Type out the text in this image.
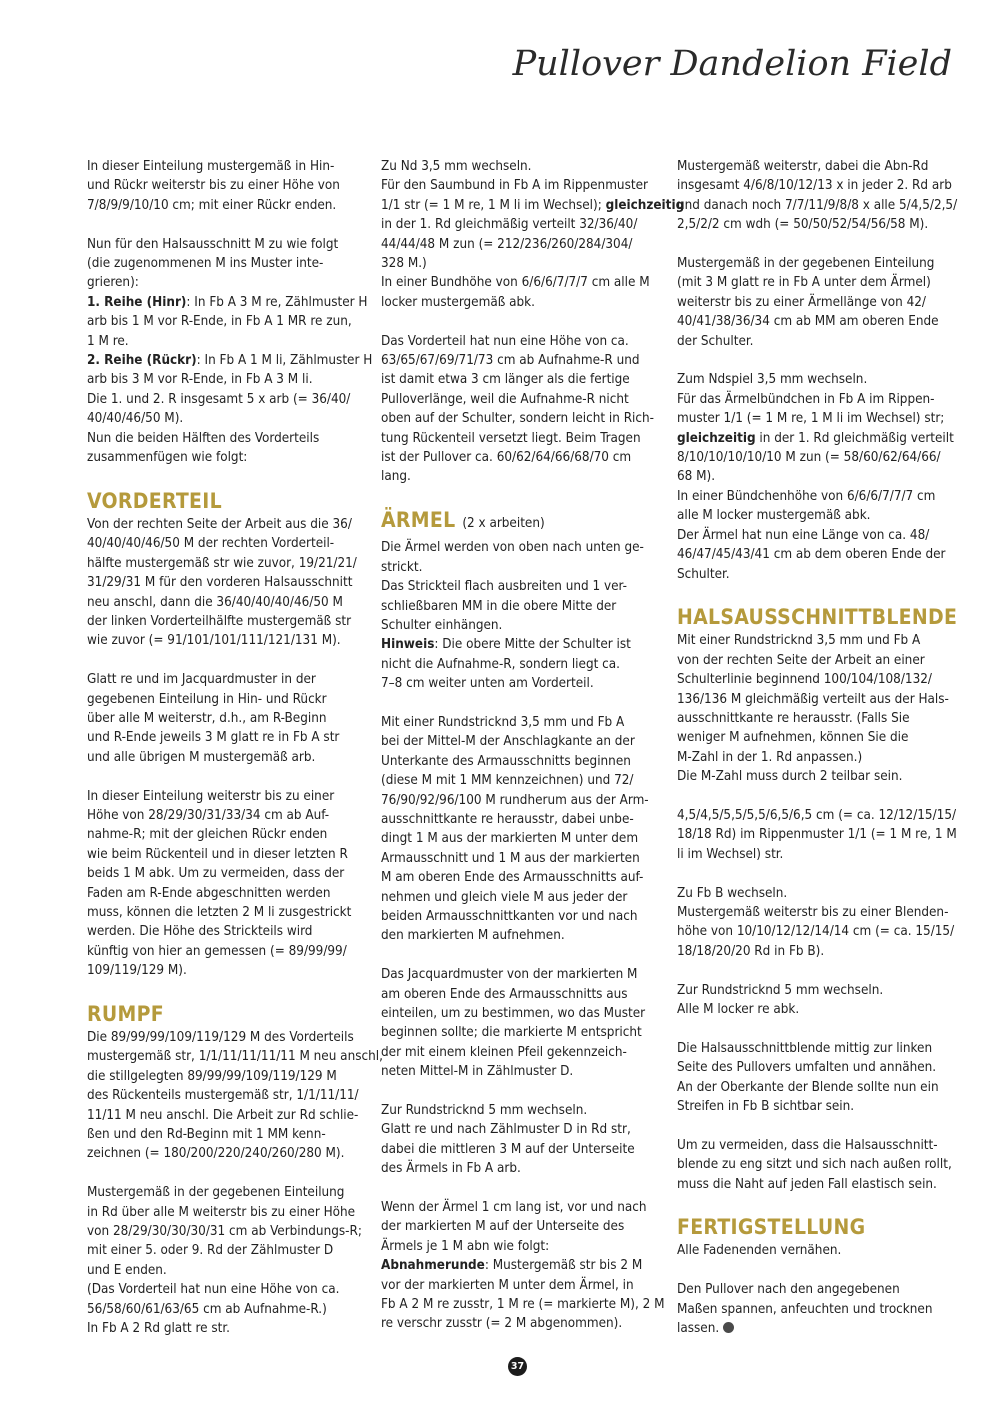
Pullover Dandelion Field

In dieser Einteilung mustergemäß in Hin-
und Rückr weiterstr bis zu einer Höhe von
7/8/9/9/10/10 cm; mit einer Rückr enden.

Nun für den Halsausschnitt M zu wie folgt
(die zugenommenen M ins Muster inte-
grieren):
1. Reihe (Hinr): In Fb A 3 M re, Zählmuster H
arb bis 1 M vor R-Ende, in Fb A 1 MR re zun,
1 M re.
2. Reihe (Rückr): In Fb A 1 M li, Zählmuster H
arb bis 3 M vor R-Ende, in Fb A 3 M li.
Die 1. und 2. R insgesamt 5 x arb (= 36/40/
40/40/46/50 M).
Nun die beiden Hälften des Vorderteils
zusammenfügen wie folgt:

VORDERTEIL

Von der rechten Seite der Arbeit aus die 36/
40/40/40/46/50 M der rechten Vorderteil-
hälfte mustergemäß str wie zuvor, 19/21/21/
31/29/31 M für den vorderen Halsausschnitt
neu anschl, dann die 36/40/40/40/46/50 M
der linken Vorderteilhälfte mustergemäß str
wie zuvor (= 91/101/101/111/121/131 M).

Glatt re und im Jacquardmuster in der
gegebenen Einteilung in Hin- und Rückr
über alle M weiterstr, d.h., am R-Beginn
und R-Ende jeweils 3 M glatt re in Fb A str
und alle übrigen M mustergemäß arb.

In dieser Einteilung weiterstr bis zu einer
Höhe von 28/29/30/31/33/34 cm ab Auf-
nahme-R; mit der gleichen Rückr enden
wie beim Rückenteil und in dieser letzten R
beids 1 M abk. Um zu vermeiden, dass der
Faden am R-Ende abgeschnitten werden
muss, können die letzten 2 M li zusgestrickt
werden. Die Höhe des Strickteils wird
künftig von hier an gemessen (= 89/99/99/
109/119/129 M).

RUMPF

Die 89/99/99/109/119/129 M des Vorderteils
mustergemäß str, 1/1/11/11/11/11 M neu anschl,
die stillgelegten 89/99/99/109/119/129 M
des Rückenteils mustergemäß str, 1/1/11/11/
11/11 M neu anschl. Die Arbeit zur Rd schlie-
ßen und den Rd-Beginn mit 1 MM kenn-
zeichnen (= 180/200/220/240/260/280 M).

Mustergemäß in der gegebenen Einteilung
in Rd über alle M weiterstr bis zu einer Höhe
von 28/29/30/30/30/31 cm ab Verbindungs-R;
mit einer 5. oder 9. Rd der Zählmuster D
und E enden.
(Das Vorderteil hat nun eine Höhe von ca.
56/58/60/61/63/65 cm ab Aufnahme-R.)
In Fb A 2 Rd glatt re str.

Zu Nd 3,5 mm wechseln.
Für den Saumbund in Fb A im Rippenmuster
1/1 str (= 1 M re, 1 M li im Wechsel); gleichzeitig
in der 1. Rd gleichmäßig verteilt 32/36/40/
44/44/48 M zun (= 212/236/260/284/304/
328 M.)
In einer Bundhöhe von 6/6/6/7/7/7 cm alle M
locker mustergemäß abk.

Das Vorderteil hat nun eine Höhe von ca.
63/65/67/69/71/73 cm ab Aufnahme-R und
ist damit etwa 3 cm länger als die fertige
Pulloverlänge, weil die Aufnahme-R nicht
oben auf der Schulter, sondern leicht in Rich-
tung Rückenteil versetzt liegt. Beim Tragen
ist der Pullover ca. 60/62/64/66/68/70 cm
lang.

ÄRMEL (2 x arbeiten)

Die Ärmel werden von oben nach unten ge-
strickt.
Das Strickteil flach ausbreiten und 1 ver-
schließbaren MM in die obere Mitte der
Schulter einhängen.
Hinweis: Die obere Mitte der Schulter ist
nicht die Aufnahme-R, sondern liegt ca.
7–8 cm weiter unten am Vorderteil.

Mit einer Rundstricknd 3,5 mm und Fb A
bei der Mittel-M der Anschlagkante an der
Unterkante des Armausschnitts beginnen
(diese M mit 1 MM kennzeichnen) und 72/
76/90/92/96/100 M rundherum aus der Arm-
ausschnittkante re herausstr, dabei unbe-
dingt 1 M aus der markierten M unter dem
Armausschnitt und 1 M aus der markierten
M am oberen Ende des Armausschnitts auf-
nehmen und gleich viele M aus jeder der
beiden Armausschnittkanten vor und nach
den markierten M aufnehmen.

Das Jacquardmuster von der markierten M
am oberen Ende des Armausschnitts aus
einteilen, um zu bestimmen, wo das Muster
beginnen sollte; die markierte M entspricht
der mit einem kleinen Pfeil gekennzeich-
neten Mittel-M in Zählmuster D.

Zur Rundstricknd 5 mm wechseln.
Glatt re und nach Zählmuster D in Rd str,
dabei die mittleren 3 M auf der Unterseite
des Ärmels in Fb A arb.

Wenn der Ärmel 1 cm lang ist, vor und nach
der markierten M auf der Unterseite des
Ärmels je 1 M abn wie folgt:
Abnahmerunde: Mustergemäß str bis 2 M
vor der markierten M unter dem Ärmel, in
Fb A 2 M re zusstr, 1 M re (= markierte M), 2 M
re verschr zusstr (= 2 M abgenommen).

Mustergemäß weiterstr, dabei die Abn-Rd
insgesamt 4/6/8/10/12/13 x in jeder 2. Rd arb
und danach noch 7/7/11/9/8/8 x alle 5/4,5/2,5/
2,5/2/2 cm wdh (= 50/50/52/54/56/58 M).

Mustergemäß in der gegebenen Einteilung
(mit 3 M glatt re in Fb A unter dem Ärmel)
weiterstr bis zu einer Ärmellänge von 42/
40/41/38/36/34 cm ab MM am oberen Ende
der Schulter.

Zum Ndspiel 3,5 mm wechseln.
Für das Ärmelbündchen in Fb A im Rippen-
muster 1/1 (= 1 M re, 1 M li im Wechsel) str;
gleichzeitig in der 1. Rd gleichmäßig verteilt
8/10/10/10/10/10 M zun (= 58/60/62/64/66/
68 M).
In einer Bündchenhöhe von 6/6/6/7/7/7 cm
alle M locker mustergemäß abk.
Der Ärmel hat nun eine Länge von ca. 48/
46/47/45/43/41 cm ab dem oberen Ende der
Schulter.

HALSAUSSCHNITTBLENDE

Mit einer Rundstricknd 3,5 mm und Fb A
von der rechten Seite der Arbeit an einer
Schulterlinie beginnend 100/104/108/132/
136/136 M gleichmäßig verteilt aus der Hals-
ausschnittkante re herausstr. (Falls Sie
weniger M aufnehmen, können Sie die
M-Zahl in der 1. Rd anpassen.)
Die M-Zahl muss durch 2 teilbar sein.

4,5/4,5/5,5/5,5/6,5/6,5 cm (= ca. 12/12/15/15/
18/18 Rd) im Rippenmuster 1/1 (= 1 M re, 1 M
li im Wechsel) str.

Zu Fb B wechseln.
Mustergemäß weiterstr bis zu einer Blenden-
höhe von 10/10/12/12/14/14 cm (= ca. 15/15/
18/18/20/20 Rd in Fb B).

Zur Rundstricknd 5 mm wechseln.
Alle M locker re abk.

Die Halsausschnittblende mittig zur linken
Seite des Pullovers umfalten und annähen.
An der Oberkante der Blende sollte nun ein
Streifen in Fb B sichtbar sein.

Um zu vermeiden, dass die Halsausschnitt-
blende zu eng sitzt und sich nach außen rollt,
muss die Naht auf jeden Fall elastisch sein.

FERTIGSTELLUNG

Alle Fadenenden vernähen.

Den Pullover nach den angegebenen
Maßen spannen, anfeuchten und trocknen
lassen.

37
